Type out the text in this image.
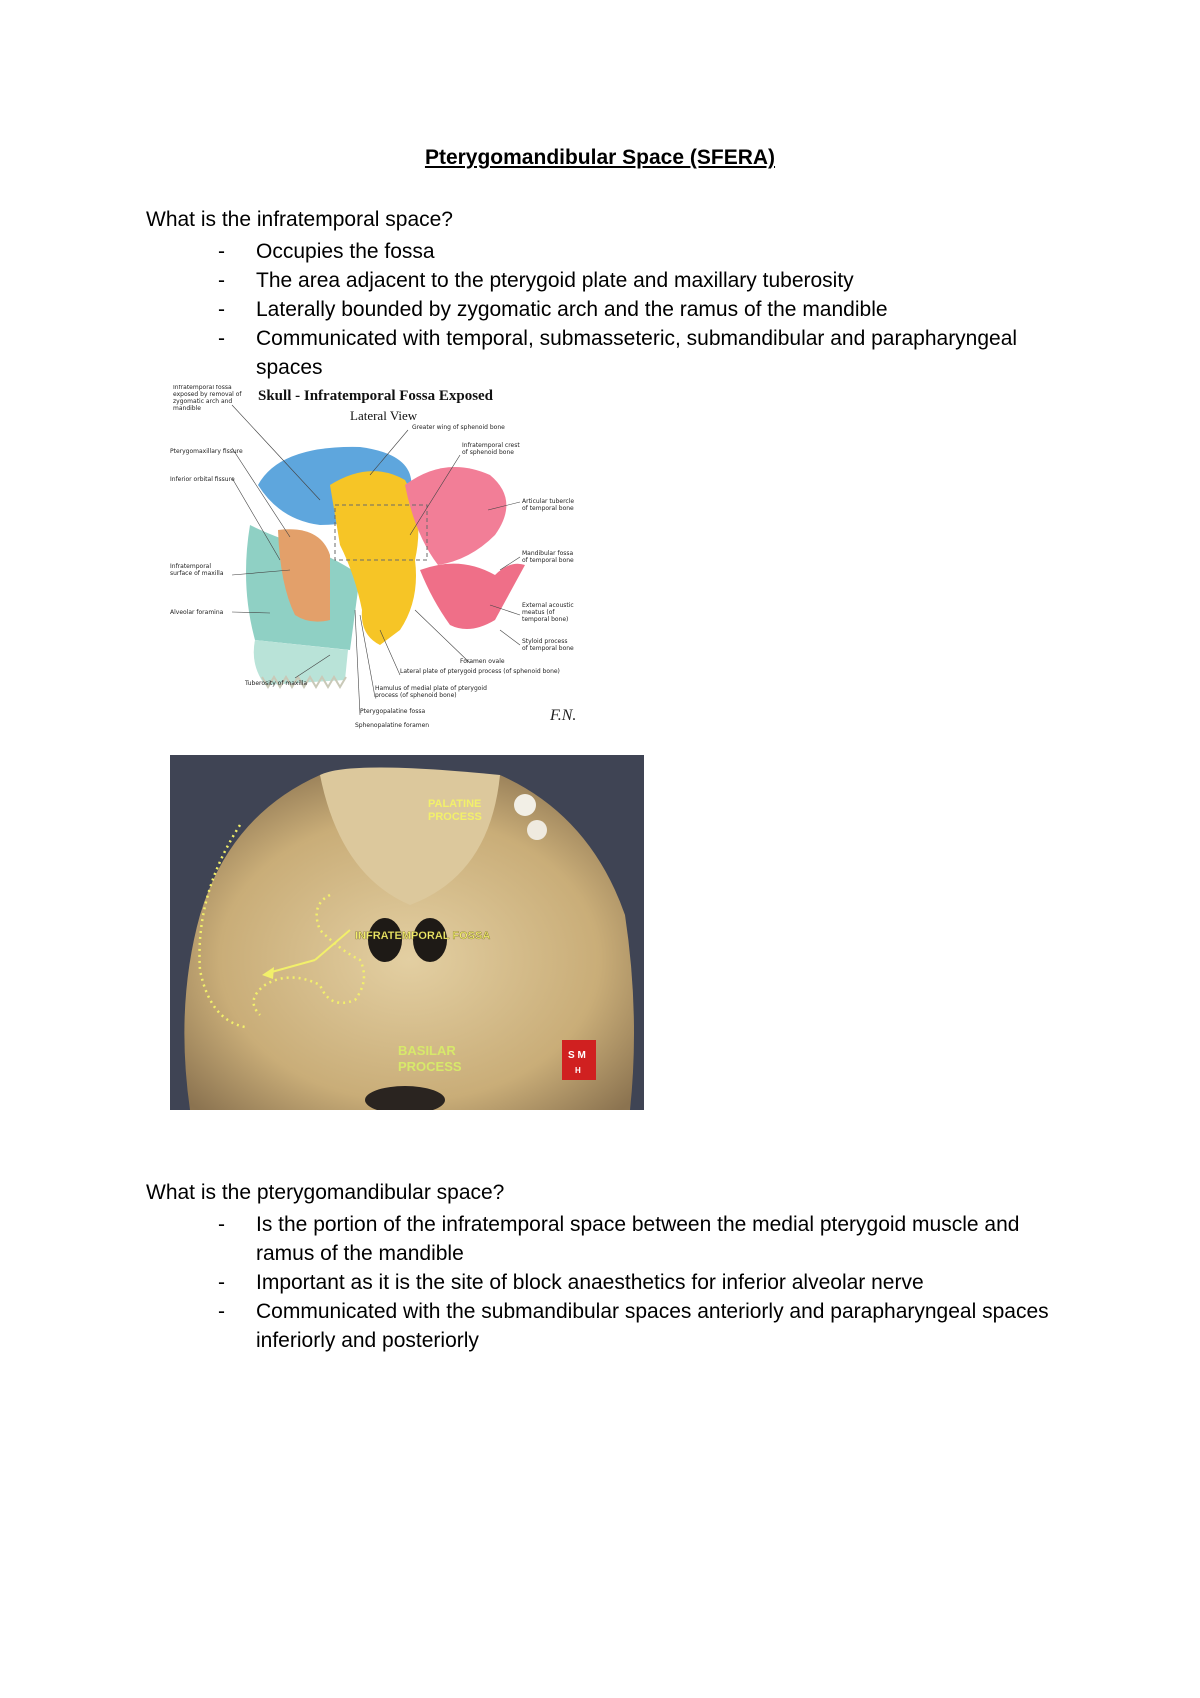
Pterygomandibular Space (SFERA)
What is the infratemporal space?
- Occupies the fossa
- The area adjacent to the pterygoid plate and maxillary tuberosity
- Laterally bounded by zygomatic arch and the ramus of the mandible
- Communicated with temporal, submasseteric, submandibular and parapharyngeal spaces
Skull - Infratemporal Fossa Exposed
Lateral View
Infratemporal fossa exposed by removal of zygomatic arch and mandible
Pterygomaxillary fissure
Inferior orbital fissure
Infratemporal surface of maxilla
Alveolar foramina
Tuberosity of maxilla
Greater wing of sphenoid bone
Infratemporal crest of sphenoid bone
Articular tubercle of temporal bone
Mandibular fossa of temporal bone
External acoustic meatus (of temporal bone)
Styloid process of temporal bone
Foramen ovale
Lateral plate of pterygoid process (of sphenoid bone)
Hamulus of medial plate of pterygoid process (of sphenoid bone)
Pterygopalatine fossa
Sphenopalatine foramen
F.N.
PALATINE PROCESS
INFRATEMPORAL FOSSA
BASILAR PROCESS
S M
H
What is the pterygomandibular space?
- Is the portion of the infratemporal space between the medial pterygoid muscle and ramus of the mandible
- Important as it is the site of block anaesthetics for inferior alveolar nerve
- Communicated with the submandibular spaces anteriorly and parapharyngeal spaces inferiorly and posteriorly
